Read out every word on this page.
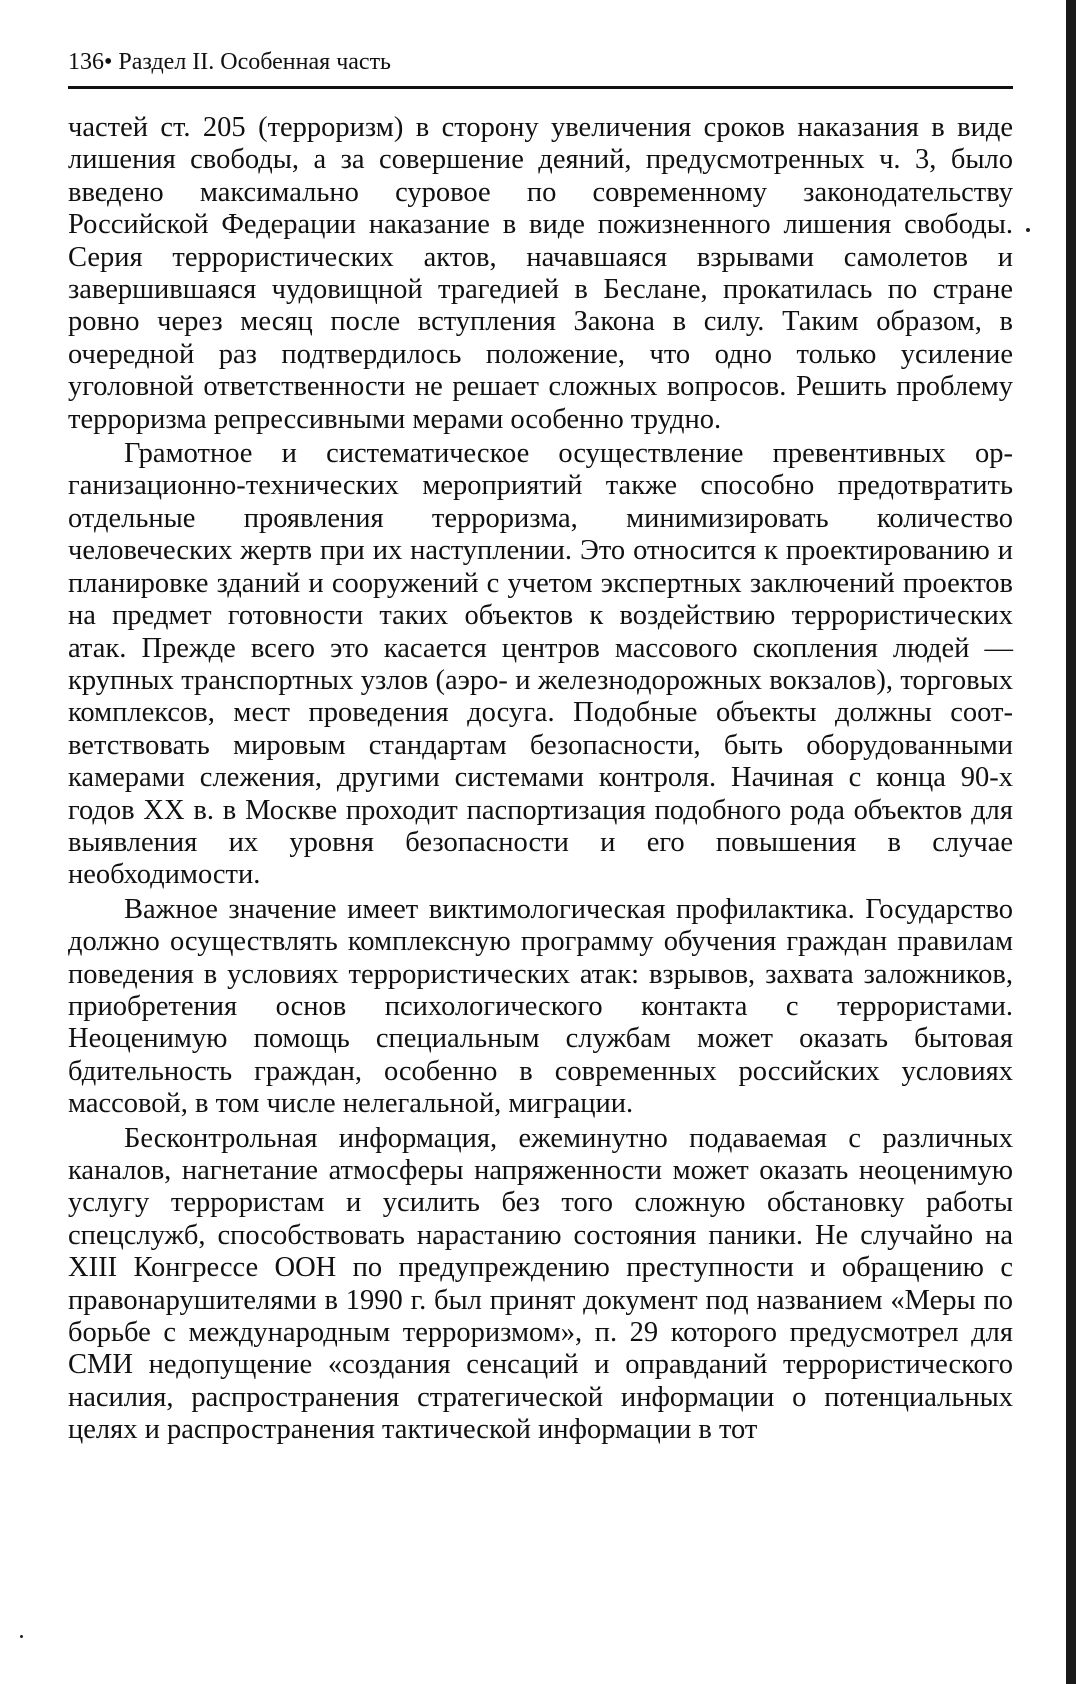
136• Раздел II. Особенная часть

частей ст. 205 (терроризм) в сторону увеличения сроков наказания в виде лишения свободы, а за совершение деяний, предусмотренных ч. 3, было введено максимально суровое по современному законодательству Российской Федерации наказание в виде пожизненного лишения свободы. Серия террористических актов, начавшаяся взрывами самолетов и завершившаяся чудовищной трагедией в Беслане, прокатилась по стране ровно через месяц после вступления Закона в силу. Таким образом, в очередной раз подтвердилось положение, что одно только усиление уголовной ответственности не решает сложных вопросов. Решить проблему терроризма репрессивными мерами особенно трудно.

Грамотное и систематическое осуществление превентивных организационно-технических мероприятий также способно предотвратить отдельные проявления терроризма, минимизировать количество человеческих жертв при их наступлении. Это относится к проектированию и планировке зданий и сооружений с учетом экспертных заключений проектов на предмет готовности таких объектов к воздействию террористических атак. Прежде всего это касается центров массового скопления людей — крупных транспортных узлов (аэро- и железнодорожных вокзалов), торговых комплексов, мест проведения досуга. Подобные объекты должны соответствовать мировым стандартам безопасности, быть оборудованными камерами слежения, другими системами контроля. Начиная с конца 90-х годов XX в. в Москве проходит паспортизация подобного рода объектов для выявления их уровня безопасности и его повышения в случае необходимости.

Важное значение имеет виктимологическая профилактика. Государство должно осуществлять комплексную программу обучения граждан правилам поведения в условиях террористических атак: взрывов, захвата заложников, приобретения основ психологического контакта с террористами. Неоценимую помощь специальным службам может оказать бытовая бдительность граждан, особенно в современных российских условиях массовой, в том числе нелегальной, миграции.

Бесконтрольная информация, ежеминутно подаваемая с различных каналов, нагнетание атмосферы напряженности может оказать неоценимую услугу террористам и усилить без того сложную обстановку работы спецслужб, способствовать нарастанию состояния паники. Не случайно на XIII Конгрессе ООН по предупреждению преступности и обращению с правонарушителями в 1990 г. был принят документ под названием «Меры по борьбе с международным терроризмом», п. 29 которого предусмотрел для СМИ недопущение «создания сенсаций и оправданий террористического насилия, распространения стратегической информации о потенциальных целях и распространения тактической информации в тот
